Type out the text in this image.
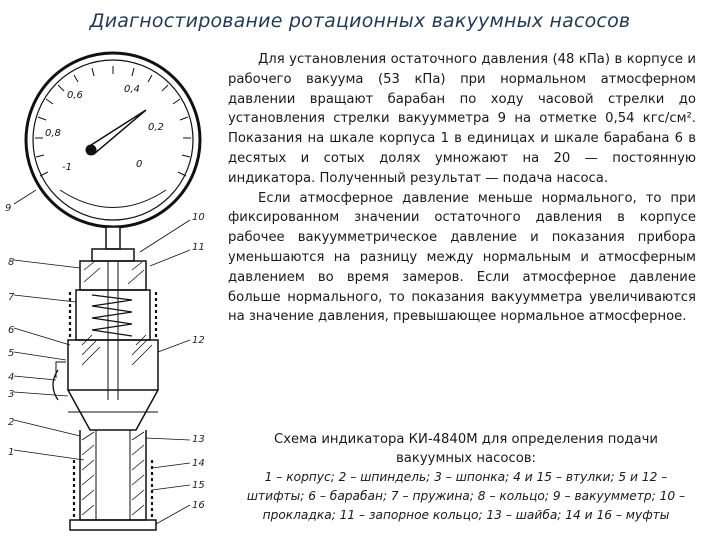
Диагностирование ротационных вакуумных насосов
0,6
0,4
0,8
0,2
-1	0
9
8
7
6
5
4
3
2
1
10
11
12
13
14
15
16

Для установления остаточного давления (48 кПа) в корпусе и рабочего вакуума (53 кПа) при нормальном атмосферном давлении вращают барабан по ходу часовой стрелки до установления стрелки вакуумметра 9 на отметке 0,54 кгс/см². Показания на шкале корпуса 1 в единицах и шкале барабана 6 в десятых и сотых долях умножают на 20 — постоянную индикатора. Полученный результат — подача насоса.

Если атмосферное давление меньше нормального, то при фиксированном значении остаточного давления в корпусе рабочее вакуумметрическое давление и показания прибора уменьшаются на разницу между нормальным и атмосферным давлением во время замеров. Если атмосферное давление больше нормального, то показания вакуумметра увеличиваются на значение давления, превышающее нормальное атмосферное.

Схема индикатора КИ-4840М для определения подачи вакуумных насосов:
1 – корпус; 2 – шпиндель; 3 – шпонка; 4 и 15 – втулки; 5 и 12 – штифты; 6 – барабан; 7 – пружина; 8 – кольцо; 9 – вакуумметр; 10 – прокладка; 11 – запорное кольцо; 13 – шайба; 14 и 16 – муфты
